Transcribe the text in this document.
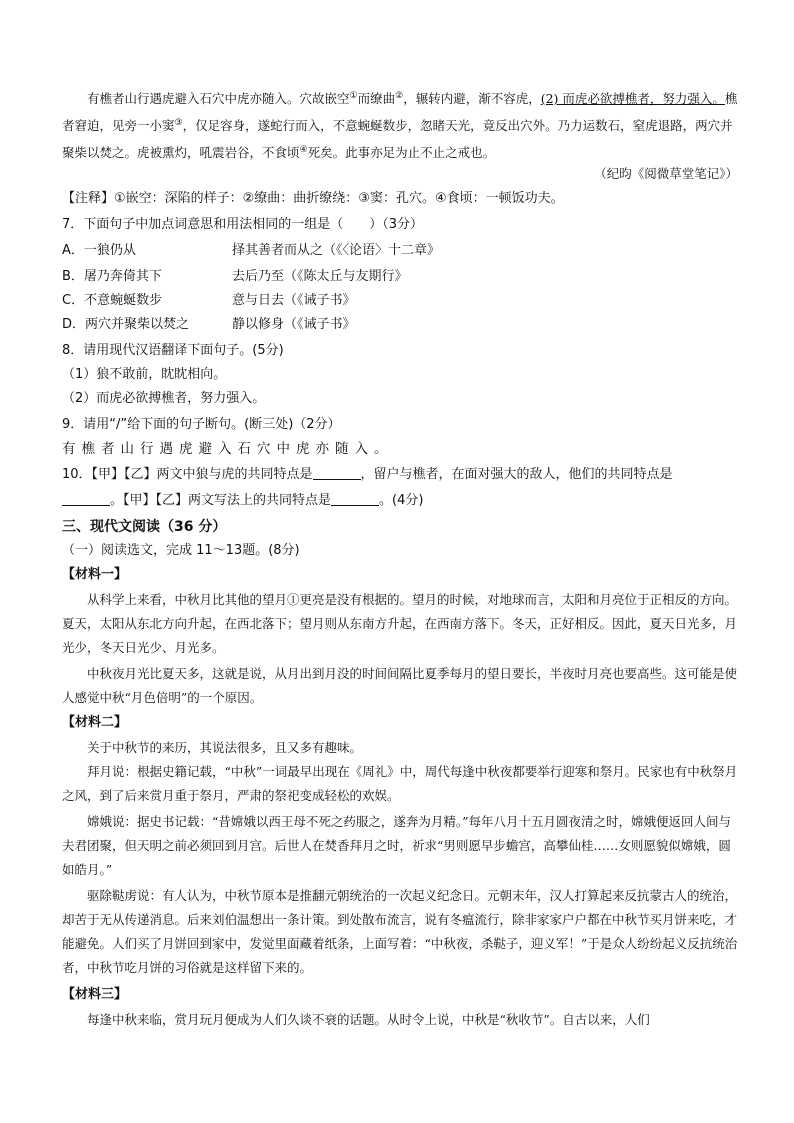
有樵者山行遇虎避入石穴中虎亦随入。穴故嵌空①而缭曲②，辗转内避，渐不容虎，(2) 而虎必欲搏樵者，努力强入。樵者窘迫，见旁一小窦③，仅足容身，遂蛇行而入，不意蜿蜒数步，忽睹天光，竟反出穴外。乃力运数石，窒虎退路，两穴并聚柴以焚之。虎被熏灼，吼震岩谷，不食顷④死矣。此事亦足为止不止之戒也。

（纪昀《阅微草堂笔记》）

【注释】①嵌空：深陷的样子：②缭曲：曲折缭绕：③窦：孔穴。④食顷：一顿饭功夫。

7．下面句子中加点词意思和用法相同的一组是（　　）（3分）

A．一狼仍从	择其善者而从之（《〈论语〉十二章》
B．屠乃奔倚其下	去后乃至（《陈太丘与友期行》
C．不意蜿蜒数步	意与日去（《诫子书》
D．两穴并聚柴以焚之	静以修身（《诫子书》

8．请用现代汉语翻译下面句子。(5分)

（1）狼不敢前，眈眈相向。

（2）而虎必欲搏樵者，努力强入。

9．请用“/”给下面的句子断句。(断三处)（2分）

有樵者山行遇虎避入石穴中虎亦随入。

10．【甲】【乙】两文中狼与虎的共同特点是	，留户与樵者，在面对强大的敌人，他们的共同特点是

。【甲】【乙】两文写法上的共同特点是	。(4分)

三、现代文阅读（36 分）

（一）阅读选文，完成 11～13题。(8分)

【材料一】

从科学上来看，中秋月比其他的望月①更亮是没有根据的。望月的时候，对地球而言，太阳和月亮位于正相反的方向。夏天，太阳从东北方向升起，在西北落下；望月则从东南方升起，在西南方落下。冬天，正好相反。因此，夏天日光多，月光少，冬天日光少、月光多。

中秋夜月光比夏天多，这就是说，从月出到月没的时间间隔比夏季每月的望日要长，半夜时月亮也要高些。这可能是使人感觉中秋“月色倍明”的一个原因。

【材料二】

关于中秋节的来历，其说法很多，且又多有趣味。

拜月说：根据史籍记载，“中秋”一词最早出现在《周礼》中，周代每逢中秋夜都要举行迎寒和祭月。民家也有中秋祭月之风，到了后来赏月重于祭月，严肃的祭祀变成轻松的欢娱。

嫦娥说：据史书记载：“昔嫦娥以西王母不死之药服之，遂奔为月精。”每年八月十五月圆夜清之时，嫦娥便返回人间与夫君团聚，但天明之前必须回到月宫。后世人在焚香拜月之时，祈求“男则愿早步蟾宫，高攀仙桂……女则愿貌似嫦娥，圆如皓月。”

驱除鞑虏说：有人认为，中秋节原本是推翻元朝统治的一次起义纪念日。元朝末年，汉人打算起来反抗蒙古人的统治，却苦于无从传递消息。后来刘伯温想出一条计策。到处散布流言，说有冬瘟流行，除非家家户户都在中秋节买月饼来吃，才能避免。人们买了月饼回到家中，发觉里面藏着纸条，上面写着：“中秋夜，杀鞑子，迎义军！”于是众人纷纷起义反抗统治者，中秋节吃月饼的习俗就是这样留下来的。

【材料三】

每逢中秋来临，赏月玩月便成为人们久谈不衰的话题。从时令上说，中秋是“秋收节”。自古以来，人们
